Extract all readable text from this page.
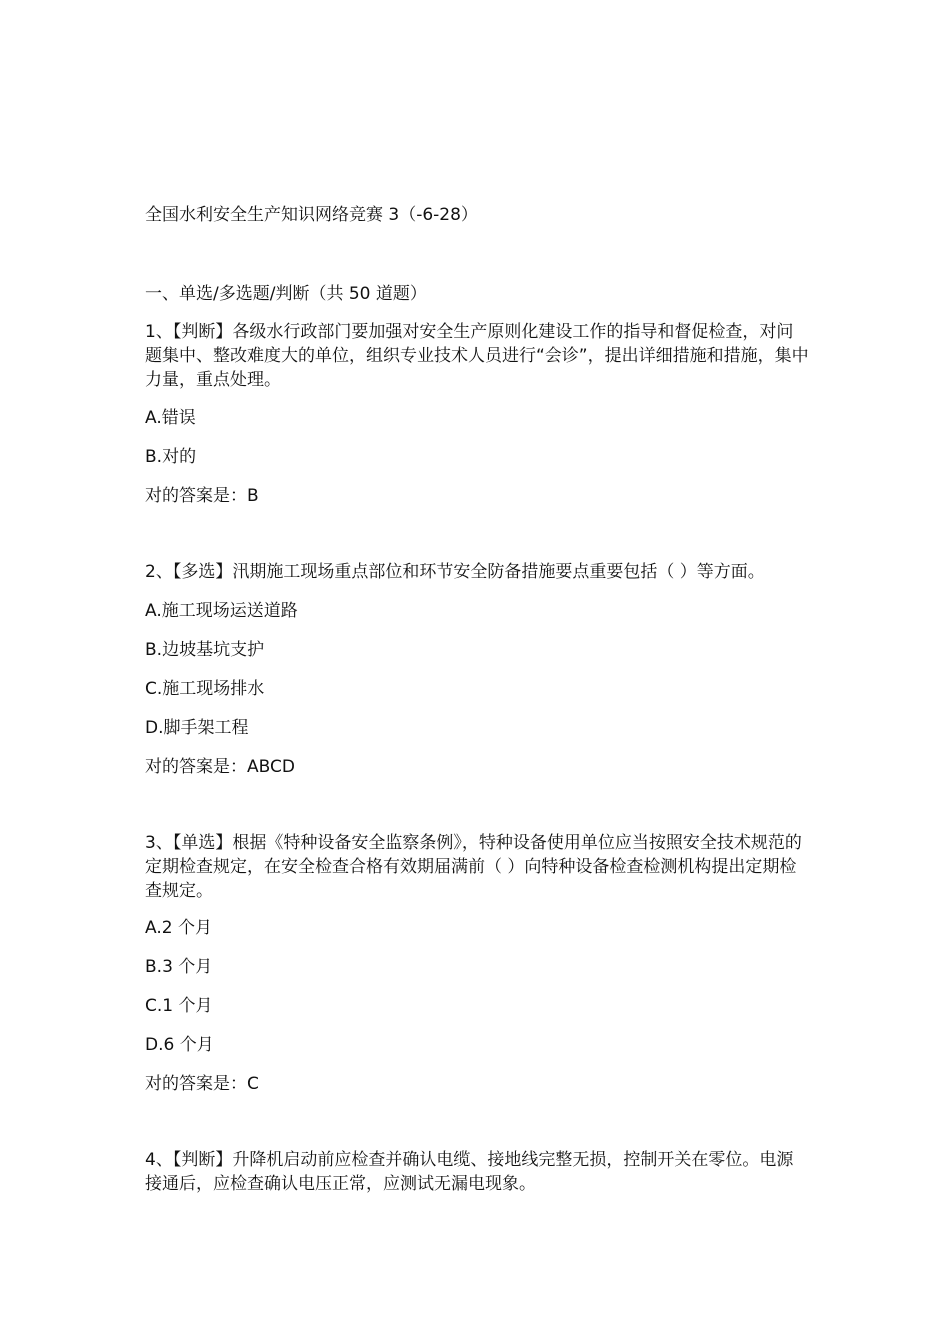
全国水利安全生产知识网络竞赛 3（-6-28）
一、单选/多选题/判断（共 50 道题）
1、【判断】各级水行政部门要加强对安全生产原则化建设工作的指导和督促检查，对问题集中、整改难度大的单位，组织专业技术人员进行“会诊”，提出详细措施和措施，集中力量，重点处理。
A.错误
B.对的
对的答案是：B
2、【多选】汛期施工现场重点部位和环节安全防备措施要点重要包括（ ）等方面。
A.施工现场运送道路
B.边坡基坑支护
C.施工现场排水
D.脚手架工程
对的答案是：ABCD
3、【单选】根据《特种设备安全监察条例》，特种设备使用单位应当按照安全技术规范的定期检查规定，在安全检查合格有效期届满前（ ）向特种设备检查检测机构提出定期检查规定。
A.2 个月
B.3 个月
C.1 个月
D.6 个月
对的答案是：C
4、【判断】升降机启动前应检查并确认电缆、接地线完整无损，控制开关在零位。电源接通后，应检查确认电压正常，应测试无漏电现象。
